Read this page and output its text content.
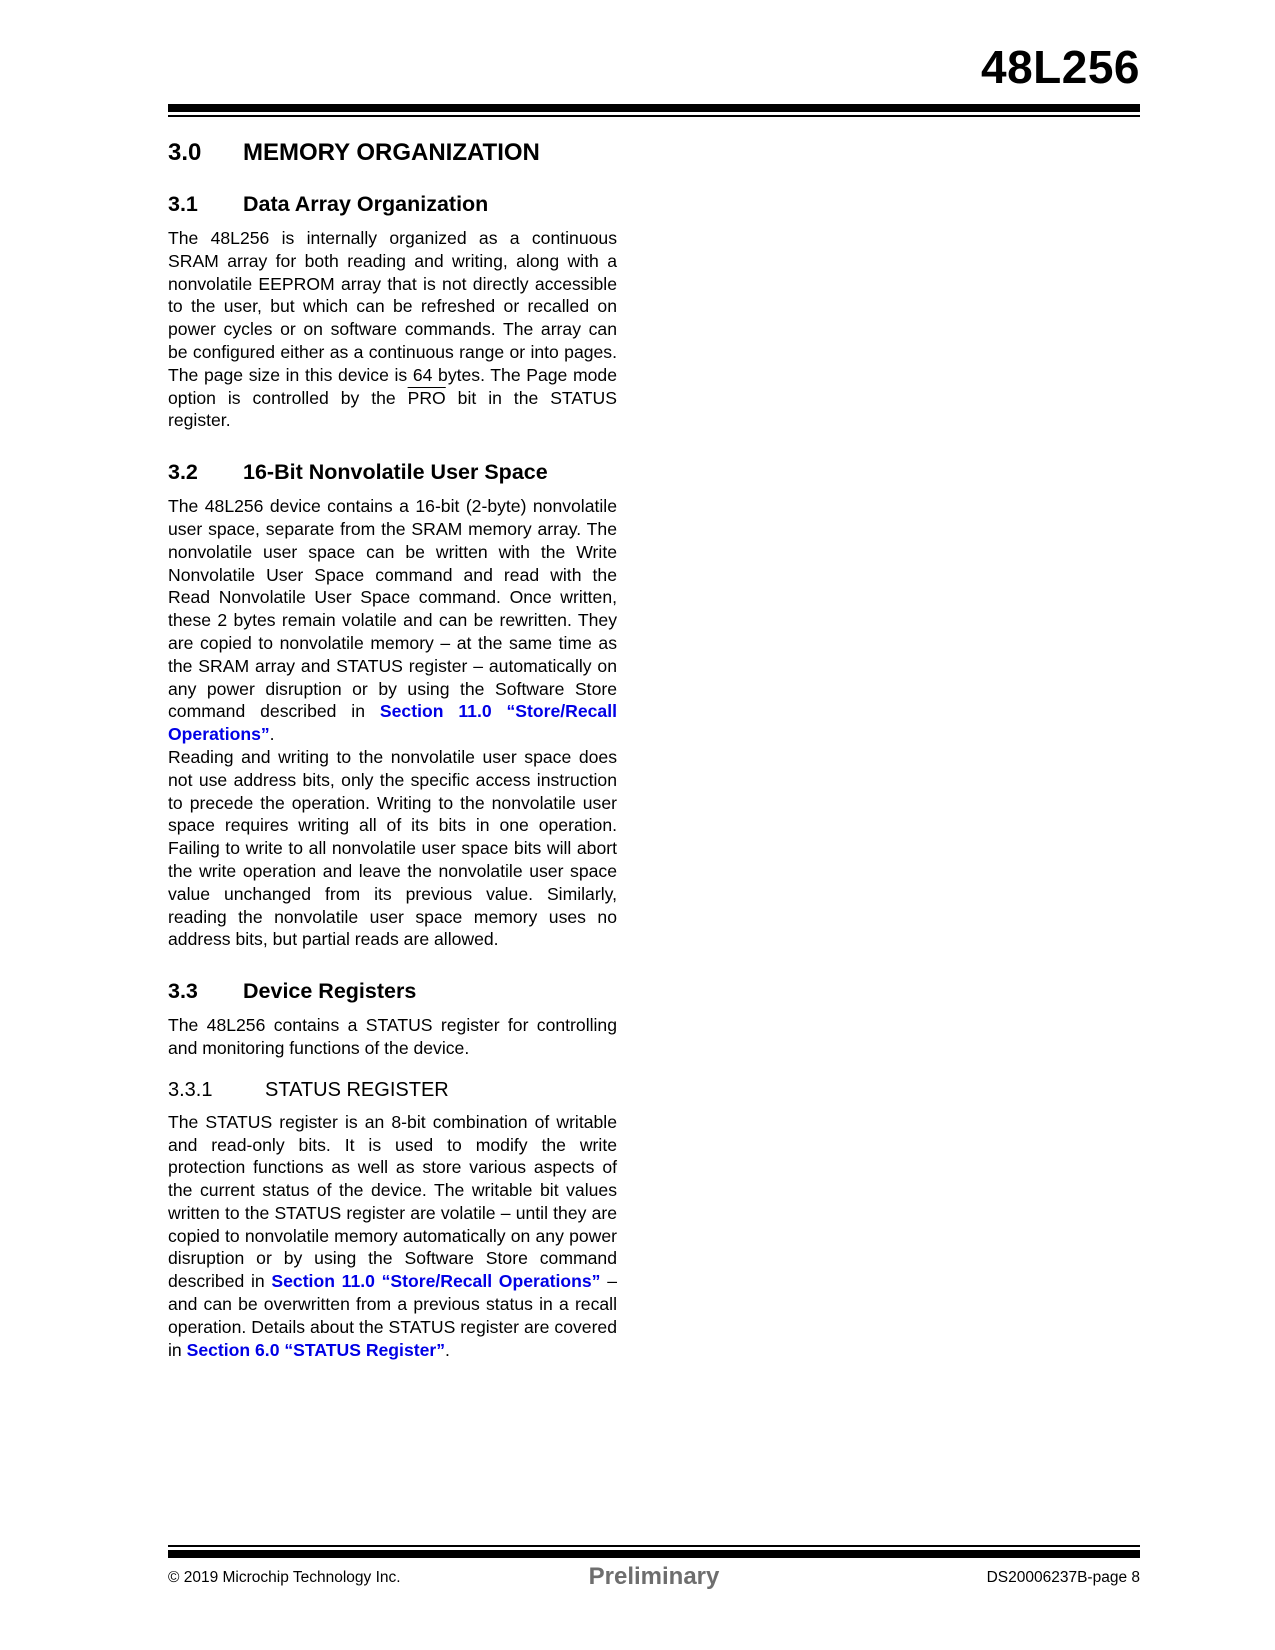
48L256
3.0 MEMORY ORGANIZATION
3.1 Data Array Organization

The 48L256 is internally organized as a continuous SRAM array for both reading and writing, along with a nonvolatile EEPROM array that is not directly accessible to the user, but which can be refreshed or recalled on power cycles or on software commands. The array can be configured either as a continuous range or into pages. The page size in this device is 64 bytes. The Page mode option is controlled by the $\overline{PRO}$ bit in the STATUS register.

3.2 16-Bit Nonvolatile User Space

The 48L256 device contains a 16-bit (2-byte) nonvolatile user space, separate from the SRAM memory array. The nonvolatile user space can be written with the Write Nonvolatile User Space command and read with the Read Nonvolatile User Space command. Once written, these 2 bytes remain volatile and can be rewritten. They are copied to nonvolatile memory – at the same time as the SRAM array and STATUS register – automatically on any power disruption or by using the Software Store command described in Section 11.0 “Store/Recall Operations”.

Reading and writing to the nonvolatile user space does not use address bits, only the specific access instruction to precede the operation. Writing to the nonvolatile user space requires writing all of its bits in one operation. Failing to write to all nonvolatile user space bits will abort the write operation and leave the nonvolatile user space value unchanged from its previous value. Similarly, reading the nonvolatile user space memory uses no address bits, but partial reads are allowed.

3.3 Device Registers

The 48L256 contains a STATUS register for controlling and monitoring functions of the device.

3.3.1	STATUS REGISTER

The STATUS register is an 8-bit combination of writable and read-only bits. It is used to modify the write protection functions as well as store various aspects of the current status of the device. The writable bit values written to the STATUS register are volatile – until they are copied to nonvolatile memory automatically on any power disruption or by using the Software Store command described in Section 11.0 “Store/Recall Operations” – and can be overwritten from a previous status in a recall operation. Details about the STATUS register are covered in Section 6.0 “STATUS Register”.

© 2019 Microchip Technology Inc.	Preliminary	DS20006237B-page 8
